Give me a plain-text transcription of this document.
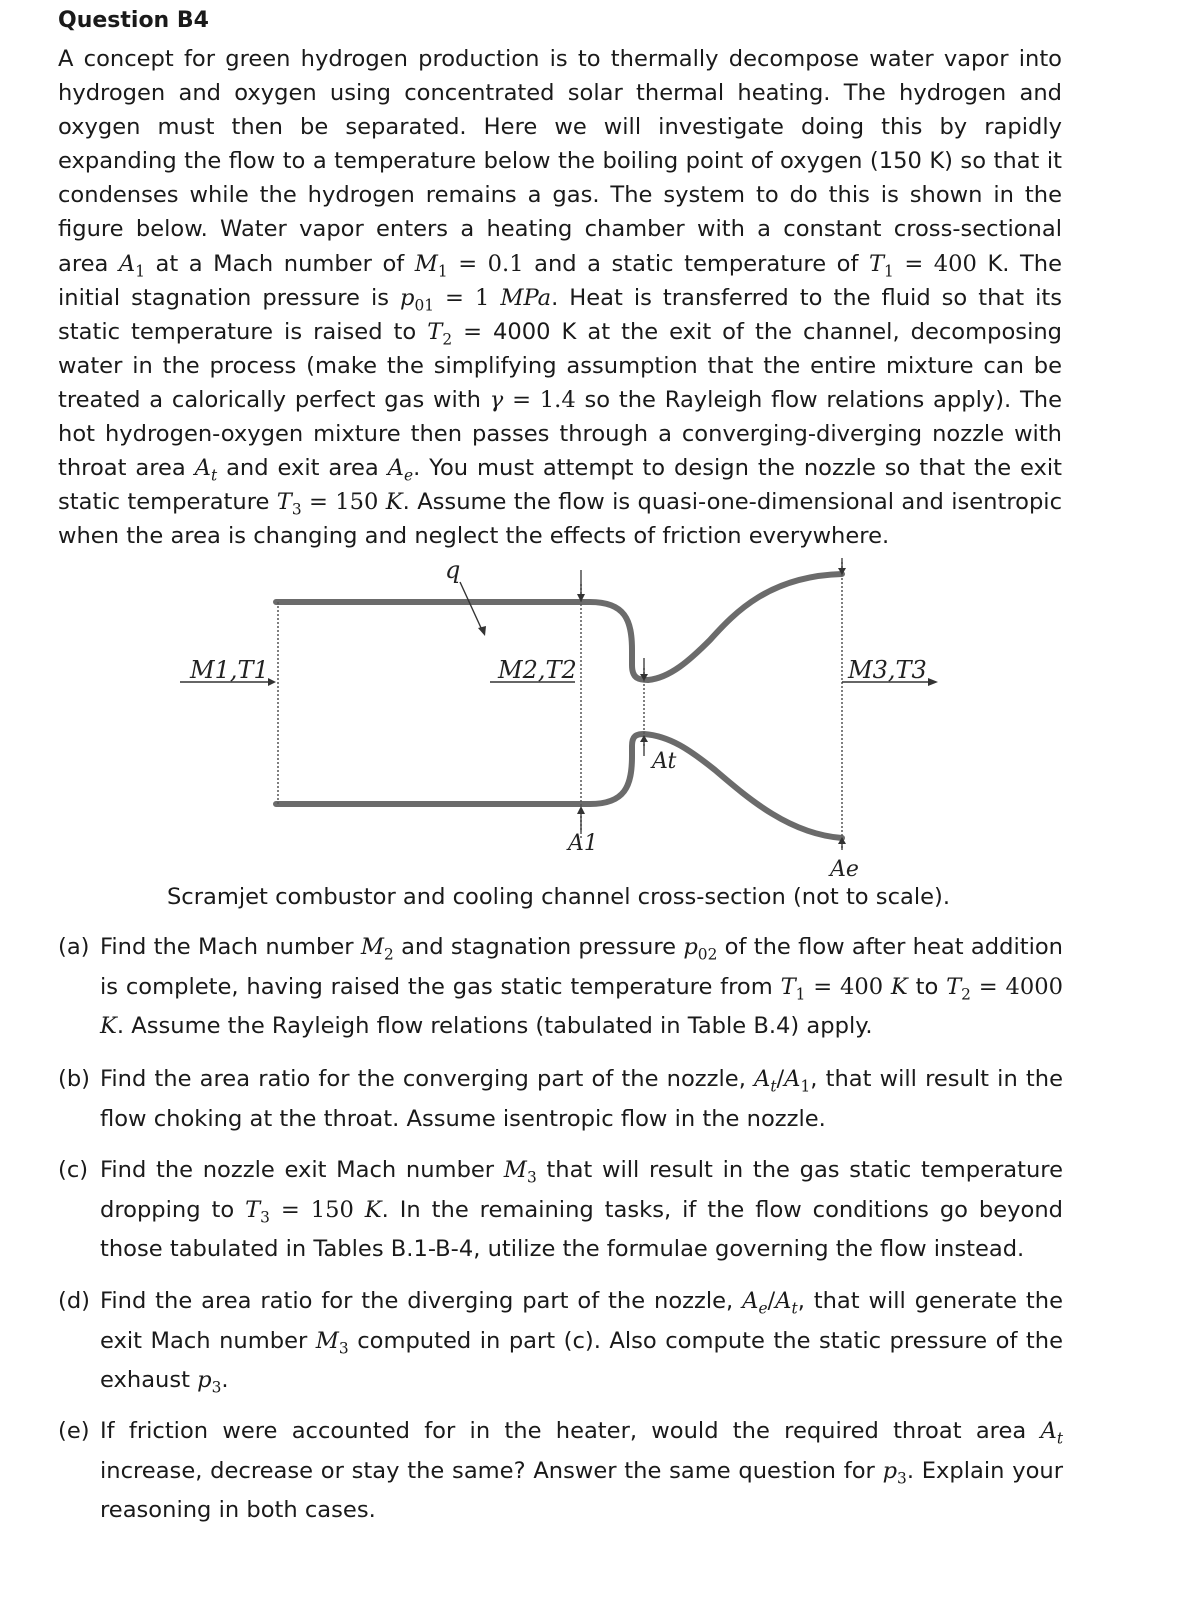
Question B4
A concept for green hydrogen production is to thermally decompose water vapor into hydrogen and oxygen using concentrated solar thermal heating. The hydrogen and oxygen must then be separated. Here we will investigate doing this by rapidly expanding the flow to a temperature below the boiling point of oxygen (150 K) so that it condenses while the hydrogen remains a gas. The system to do this is shown in the figure below. Water vapor enters a heating chamber with a constant cross-sectional area $A_1$ at a Mach number of $M_1 = 0.1$ and a static temperature of $T_1 = 400$ K. The initial stagnation pressure is $p_{01} = 1$ MPa. Heat is transferred to the fluid so that its static temperature is raised to $T_2 = 4000$ K at the exit of the channel, decomposing water in the process (make the simplifying assumption that the entire mixture can be treated a calorically perfect gas with γ = 1.4 so the Rayleigh flow relations apply). The hot hydrogen-oxygen mixture then passes through a converging-diverging nozzle with throat area $A_t$ and exit area $A_e$. You must attempt to design the nozzle so that the exit static temperature $T_3 = 150$ K. Assume the flow is quasi-one-dimensional and isentropic when the area is changing and neglect the effects of friction everywhere.
q
M1,T1	M2,T2	M3,T3
At
A1
Ae
Scramjet combustor and cooling channel cross-section (not to scale).
(a) Find the Mach number $M_2$ and stagnation pressure $p_{02}$ of the flow after heat addition is complete, having raised the gas static temperature from $T_1 = 400$ K to $T_2 = 4000$ K. Assume the Rayleigh flow relations (tabulated in Table B.4) apply.
(b) Find the area ratio for the converging part of the nozzle, $A_t/A_1$, that will result in the flow choking at the throat. Assume isentropic flow in the nozzle.
(c) Find the nozzle exit Mach number $M_3$ that will result in the gas static temperature dropping to $T_3 = 150$ K. In the remaining tasks, if the flow conditions go beyond those tabulated in Tables B.1-B-4, utilize the formulae governing the flow instead.
(d) Find the area ratio for the diverging part of the nozzle, $A_e/A_t$, that will generate the exit Mach number $M_3$ computed in part (c). Also compute the static pressure of the exhaust $p_3$.
(e) If friction were accounted for in the heater, would the required throat area $A_t$ increase, decrease or stay the same? Answer the same question for $p_3$. Explain your reasoning in both cases.
